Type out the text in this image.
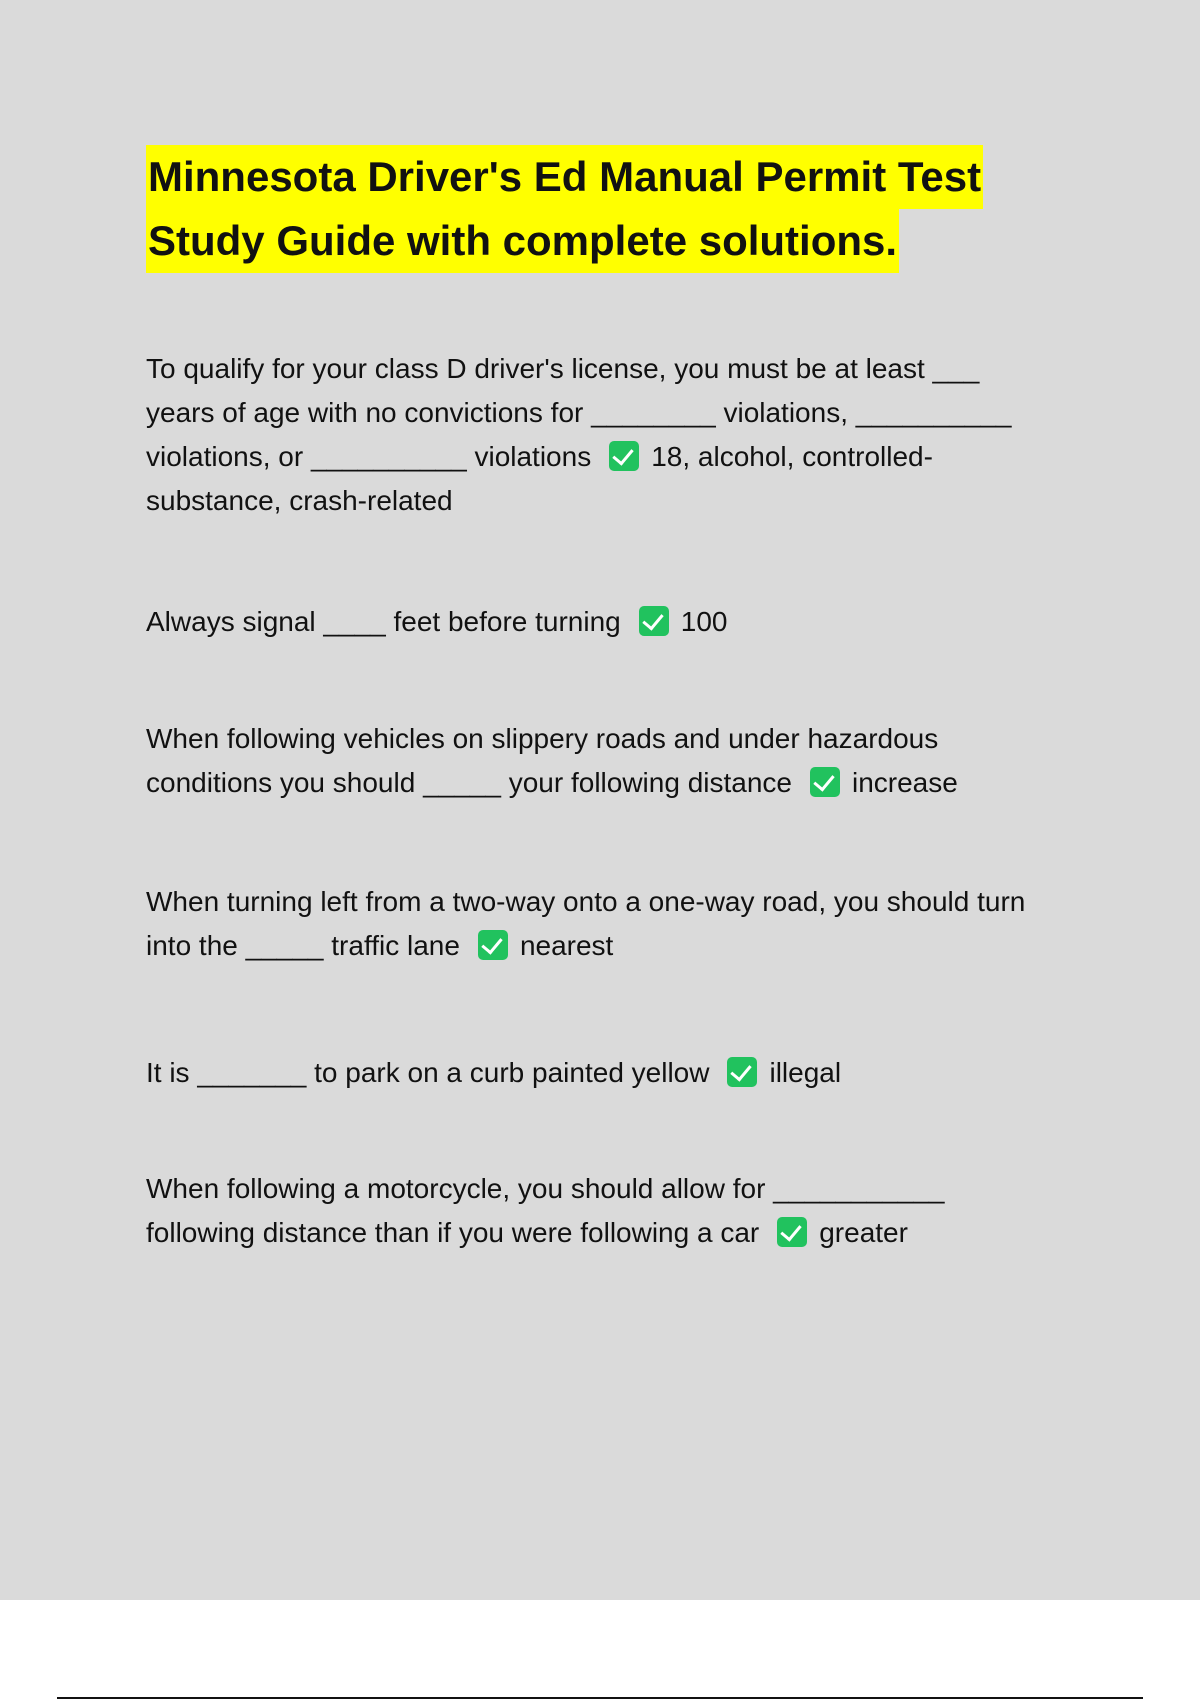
Minnesota Driver's Ed Manual Permit Test
Study Guide with complete solutions.

To qualify for your class D driver's license, you must be at least ___ years of age with no convictions for ________ violations, __________ violations, or __________ violations 18, alcohol, controlled-substance, crash-related

Always signal ____ feet before turning 100

When following vehicles on slippery roads and under hazardous conditions you should _____ your following distance increase

When turning left from a two-way onto a one-way road, you should turn into the _____ traffic lane nearest

It is _______ to park on a curb painted yellow illegal

When following a motorcycle, you should allow for ___________ following distance than if you were following a car greater
